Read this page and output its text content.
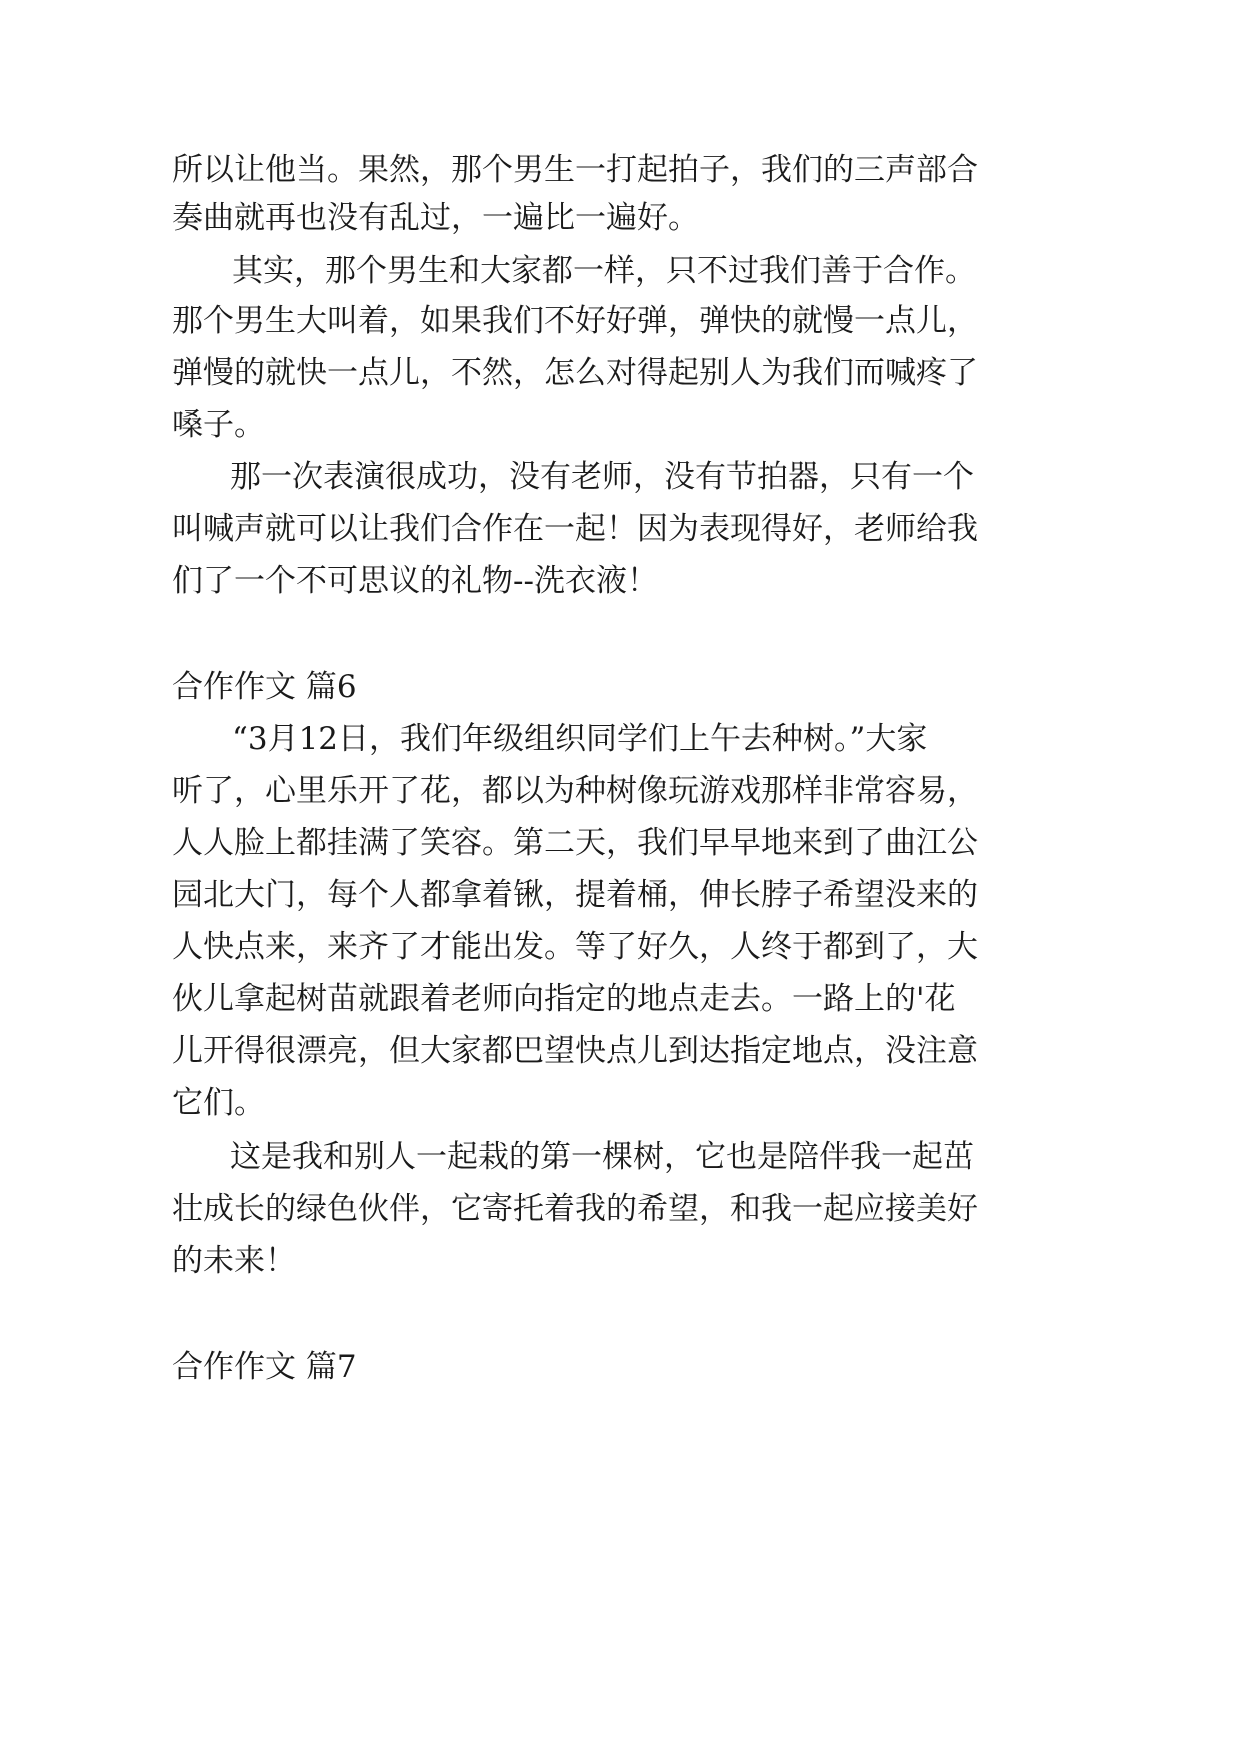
所以让他当。果然，那个男生一打起拍子，我们的三声部合
奏曲就再也没有乱过，一遍比一遍好。
其实，那个男生和大家都一样，只不过我们善于合作。
那个男生大叫着，如果我们不好好弹，弹快的就慢一点儿，
弹慢的就快一点儿，不然，怎么对得起别人为我们而喊疼了
嗓子。
那一次表演很成功，没有老师，没有节拍器，只有一个
叫喊声就可以让我们合作在一起！因为表现得好，老师给我
们了一个不可思议的礼物--洗衣液！
合作作文 篇6
“3月12日，我们年级组织同学们上午去种树。”大家
听了，心里乐开了花，都以为种树像玩游戏那样非常容易，
人人脸上都挂满了笑容。第二天，我们早早地来到了曲江公
园北大门，每个人都拿着锹，提着桶，伸长脖子希望没来的
人快点来，来齐了才能出发。等了好久，人终于都到了，大
伙儿拿起树苗就跟着老师向指定的地点走去。一路上的'花
儿开得很漂亮，但大家都巴望快点儿到达指定地点，没注意
它们。
这是我和别人一起栽的第一棵树，它也是陪伴我一起茁
壮成长的绿色伙伴，它寄托着我的希望，和我一起应接美好
的未来！
合作作文 篇7
